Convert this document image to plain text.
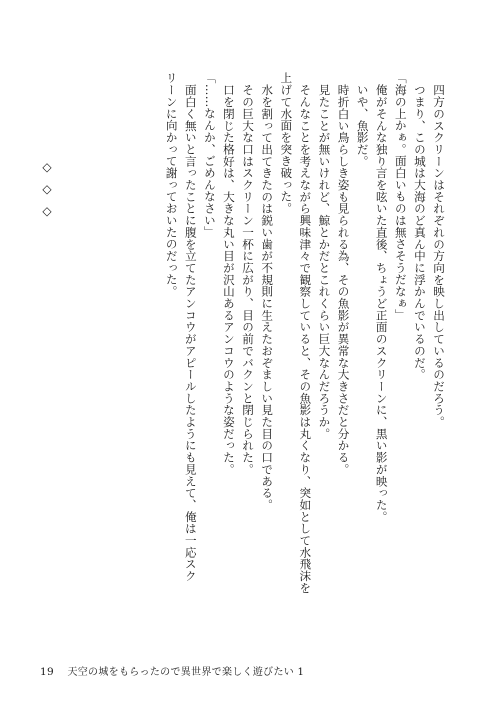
四方のスクリーンはそれぞれの方向を映し出しているのだろう。
つまり、この城は大海のど真ん中に浮かんでいるのだ。
「海の上かぁ。面白いものは無さそうだなぁ」
俺がそんな独り言を呟いた直後、ちょうど正面のスクリーンに、黒い影が映った。
いや、魚影だ。
時折白い鳥らしき姿も見られる為、その魚影が異常な大きさだと分かる。
見たことが無いけれど、鯨とかだとこれくらい巨大なんだろうか。
そんなことを考えながら興味津々で観察していると、その魚影は丸くなり、突如として水飛沫を
上げて水面を突き破った。
水を割って出てきたのは鋭い歯が不規則に生えたおぞましい見た目の口である。
その巨大な口はスクリーン一杯に広がり、目の前でバクンと閉じられた。
口を閉じた格好は、大きな丸い目が沢山あるアンコウのような姿だった。
「……なんか、ごめんなさい」
面白く無いと言ったことに腹を立てたアンコウがアピールしたようにも見えて、俺は一応スク
リーンに向かって謝っておいたのだった。
◇◇◇
19 天空の城をもらったので異世界で楽しく遊びたい 1
